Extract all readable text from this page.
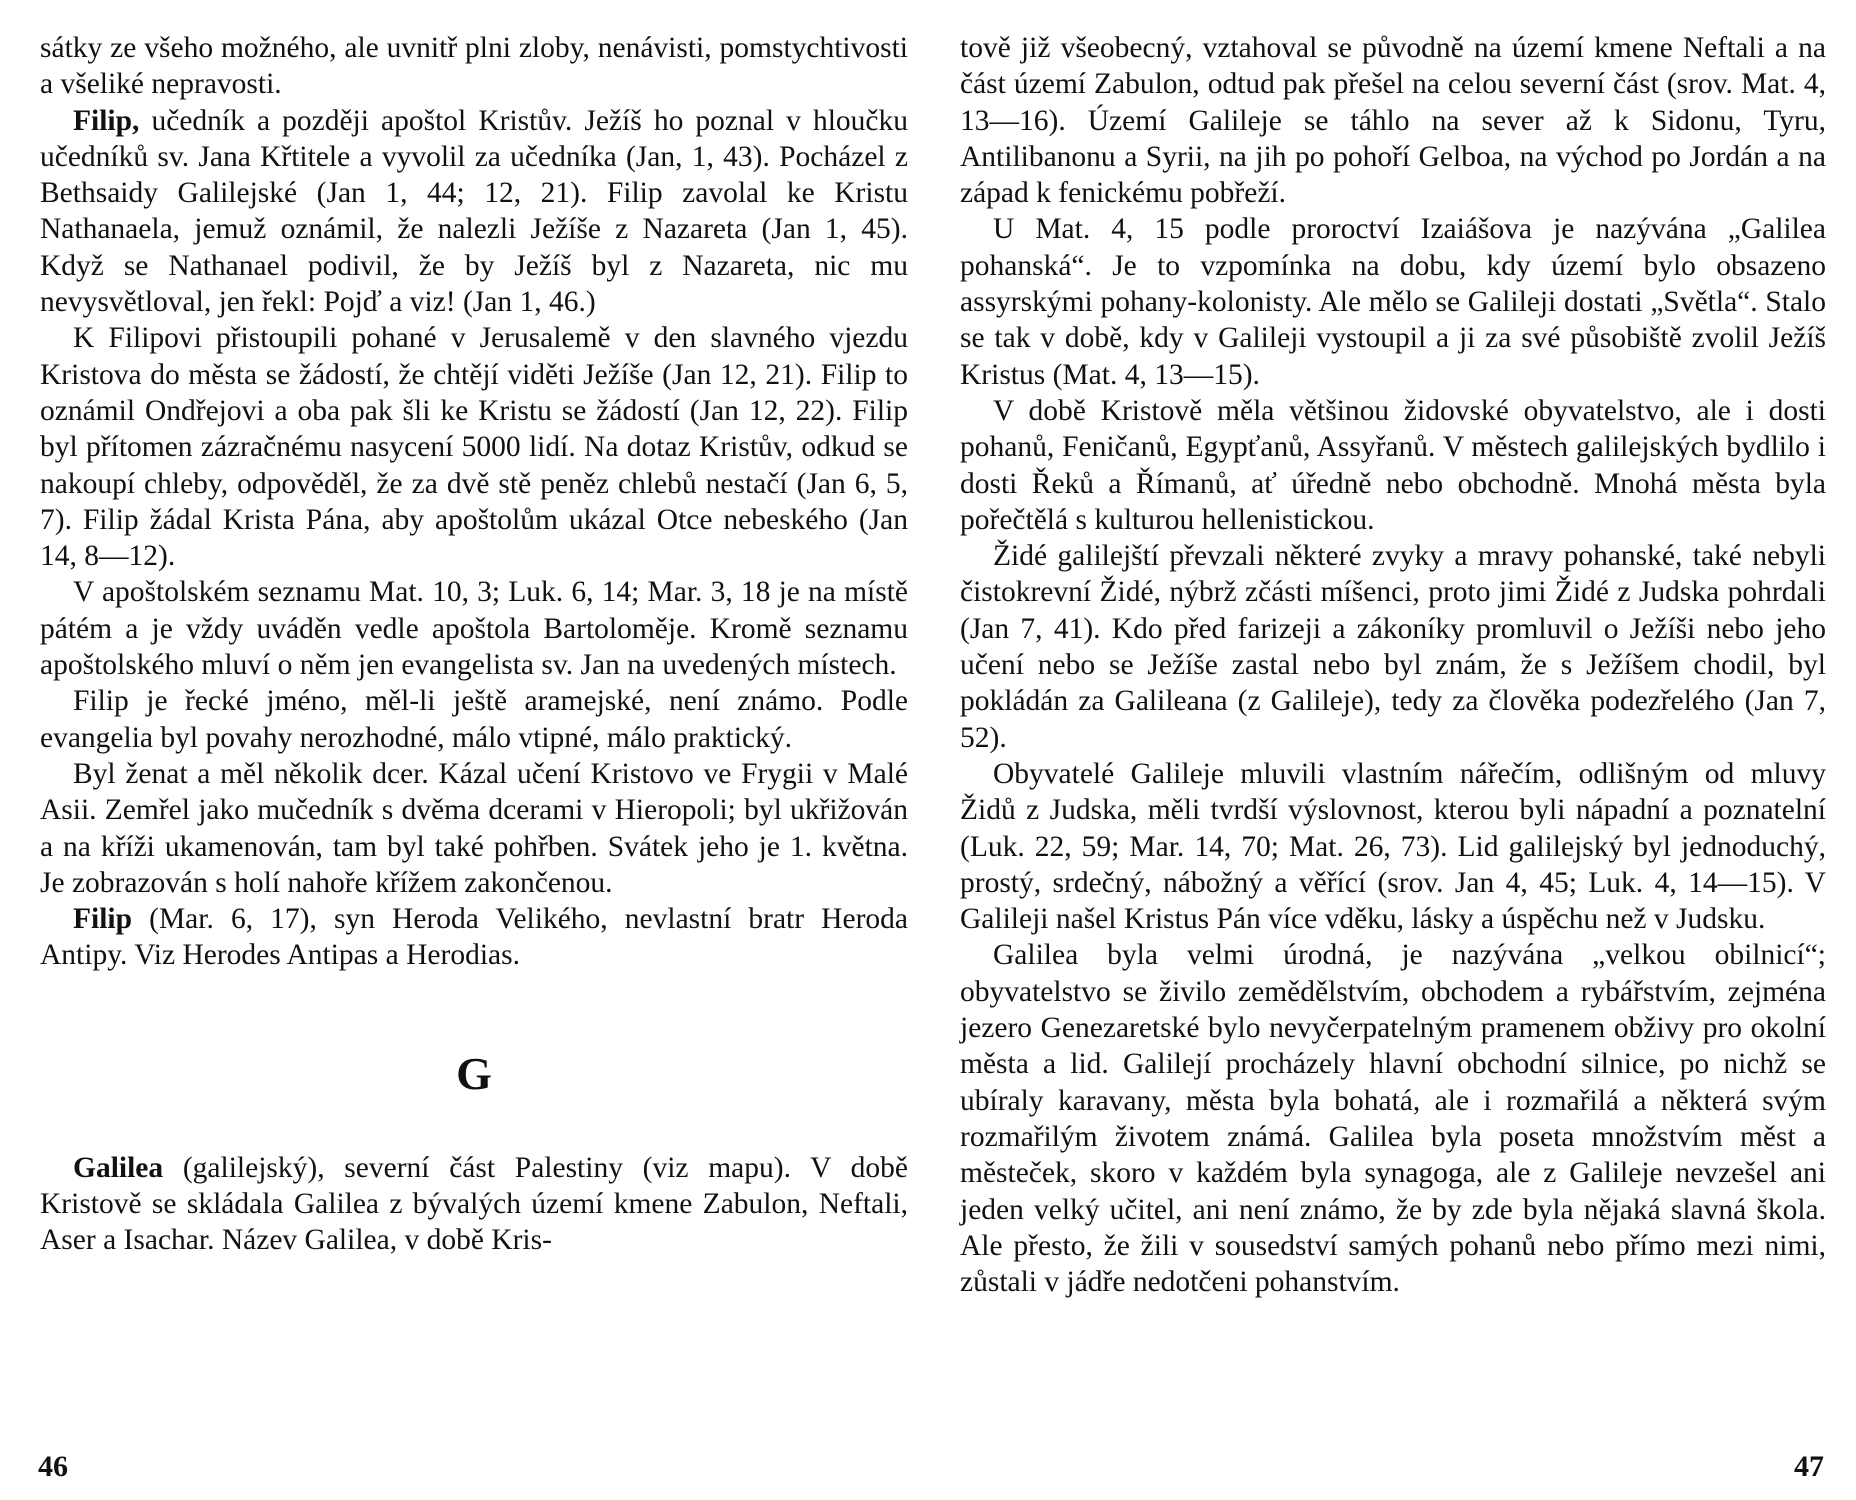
sátky ze všeho možného, ale uvnitř plni zloby, nenávisti, pomstychtivosti a všeliké nepravosti.

Filip, učedník a později apoštol Kristův. Ježíš ho poznal v hloučku učedníků sv. Jana Křtitele a vyvolil za učedníka (Jan, 1, 43). Pocházel z Bethsaidy Galilejské (Jan 1, 44; 12, 21). Filip zavolal ke Kristu Nathanaela, jemuž oznámil, že nalezli Ježíše z Nazareta (Jan 1, 45). Když se Nathanael podivil, že by Ježíš byl z Nazareta, nic mu nevysvětloval, jen řekl: Pojď a viz! (Jan 1, 46.)

K Filipovi přistoupili pohané v Jerusalemě v den slavného vjezdu Kristova do města se žádostí, že chtějí viděti Ježíše (Jan 12, 21). Filip to oznámil Ondřejovi a oba pak šli ke Kristu se žádostí (Jan 12, 22). Filip byl přítomen zázračnému nasycení 5000 lidí. Na dotaz Kristův, odkud se nakoupí chleby, odpověděl, že za dvě stě peněz chlebů nestačí (Jan 6, 5, 7). Filip žádal Krista Pána, aby apoštolům ukázal Otce nebeského (Jan 14, 8—12).

V apoštolském seznamu Mat. 10, 3; Luk. 6, 14; Mar. 3, 18 je na místě pátém a je vždy uváděn vedle apoštola Bartoloměje. Kromě seznamu apoštolského mluví o něm jen evangelista sv. Jan na uvedených místech.

Filip je řecké jméno, měl-li ještě aramejské, není známo. Podle evangelia byl povahy nerozhodné, málo vtipné, málo praktický.

Byl ženat a měl několik dcer. Kázal učení Kristovo ve Frygii v Malé Asii. Zemřel jako mučedník s dvěma dcerami v Hieropoli; byl ukřižován a na kříži ukamenován, tam byl také pohřben. Svátek jeho je 1. května. Je zobrazován s holí nahoře křížem zakončenou.

Filip (Mar. 6, 17), syn Heroda Velikého, nevlastní bratr Heroda Antipy. Viz Herodes Antipas a Herodias.

G

Galilea (galilejský), severní část Palestiny (viz mapu). V době Kristově se skládala Galilea z bývalých území kmene Zabulon, Neftali, Aser a Isachar. Název Galilea, v době Kris-

tově již všeobecný, vztahoval se původně na území kmene Neftali a na část území Zabulon, odtud pak přešel na celou severní část (srov. Mat. 4, 13—16). Území Galileje se táhlo na sever až k Sidonu, Tyru, Antilibanonu a Syrii, na jih po pohoří Gelboa, na východ po Jordán a na západ k fenickému pobřeží.

U Mat. 4, 15 podle proroctví Izaiášova je nazývána „Galilea pohanská“. Je to vzpomínka na dobu, kdy území bylo obsazeno assyrskými pohany-kolonisty. Ale mělo se Galileji dostati „Světla“. Stalo se tak v době, kdy v Galileji vystoupil a ji za své působiště zvolil Ježíš Kristus (Mat. 4, 13—15).

V době Kristově měla většinou židovské obyvatelstvo, ale i dosti pohanů, Feničanů, Egypťanů, Assyřanů. V městech galilejských bydlilo i dosti Řeků a Římanů, ať úředně nebo obchodně. Mnohá města byla pořečtělá s kulturou hellenistickou.

Židé galilejští převzali některé zvyky a mravy pohanské, také nebyli čistokrevní Židé, nýbrž zčásti míšenci, proto jimi Židé z Judska pohrdali (Jan 7, 41). Kdo před farizeji a zákoníky promluvil o Ježíši nebo jeho učení nebo se Ježíše zastal nebo byl znám, že s Ježíšem chodil, byl pokládán za Galileana (z Galileje), tedy za člověka podezřelého (Jan 7, 52).

Obyvatelé Galileje mluvili vlastním nářečím, odlišným od mluvy Židů z Judska, měli tvrdší výslovnost, kterou byli nápadní a poznatelní (Luk. 22, 59; Mar. 14, 70; Mat. 26, 73). Lid galilejský byl jednoduchý, prostý, srdečný, nábožný a věřící (srov. Jan 4, 45; Luk. 4, 14—15). V Galileji našel Kristus Pán více vděku, lásky a úspěchu než v Judsku.

Galilea byla velmi úrodná, je nazývána „velkou obilnicí“; obyvatelstvo se živilo zemědělstvím, obchodem a rybářstvím, zejména jezero Genezaretské bylo nevyčerpatelným pramenem obživy pro okolní města a lid. Galilejí procházely hlavní obchodní silnice, po nichž se ubíraly karavany, města byla bohatá, ale i rozmařilá a některá svým rozmařilým životem známá. Galilea byla poseta množstvím měst a městeček, skoro v každém byla synagoga, ale z Galileje nevzešel ani jeden velký učitel, ani není známo, že by zde byla nějaká slavná škola. Ale přesto, že žili v sousedství samých pohanů nebo přímo mezi nimi, zůstali v jádře nedotčeni pohanstvím.

46	47
